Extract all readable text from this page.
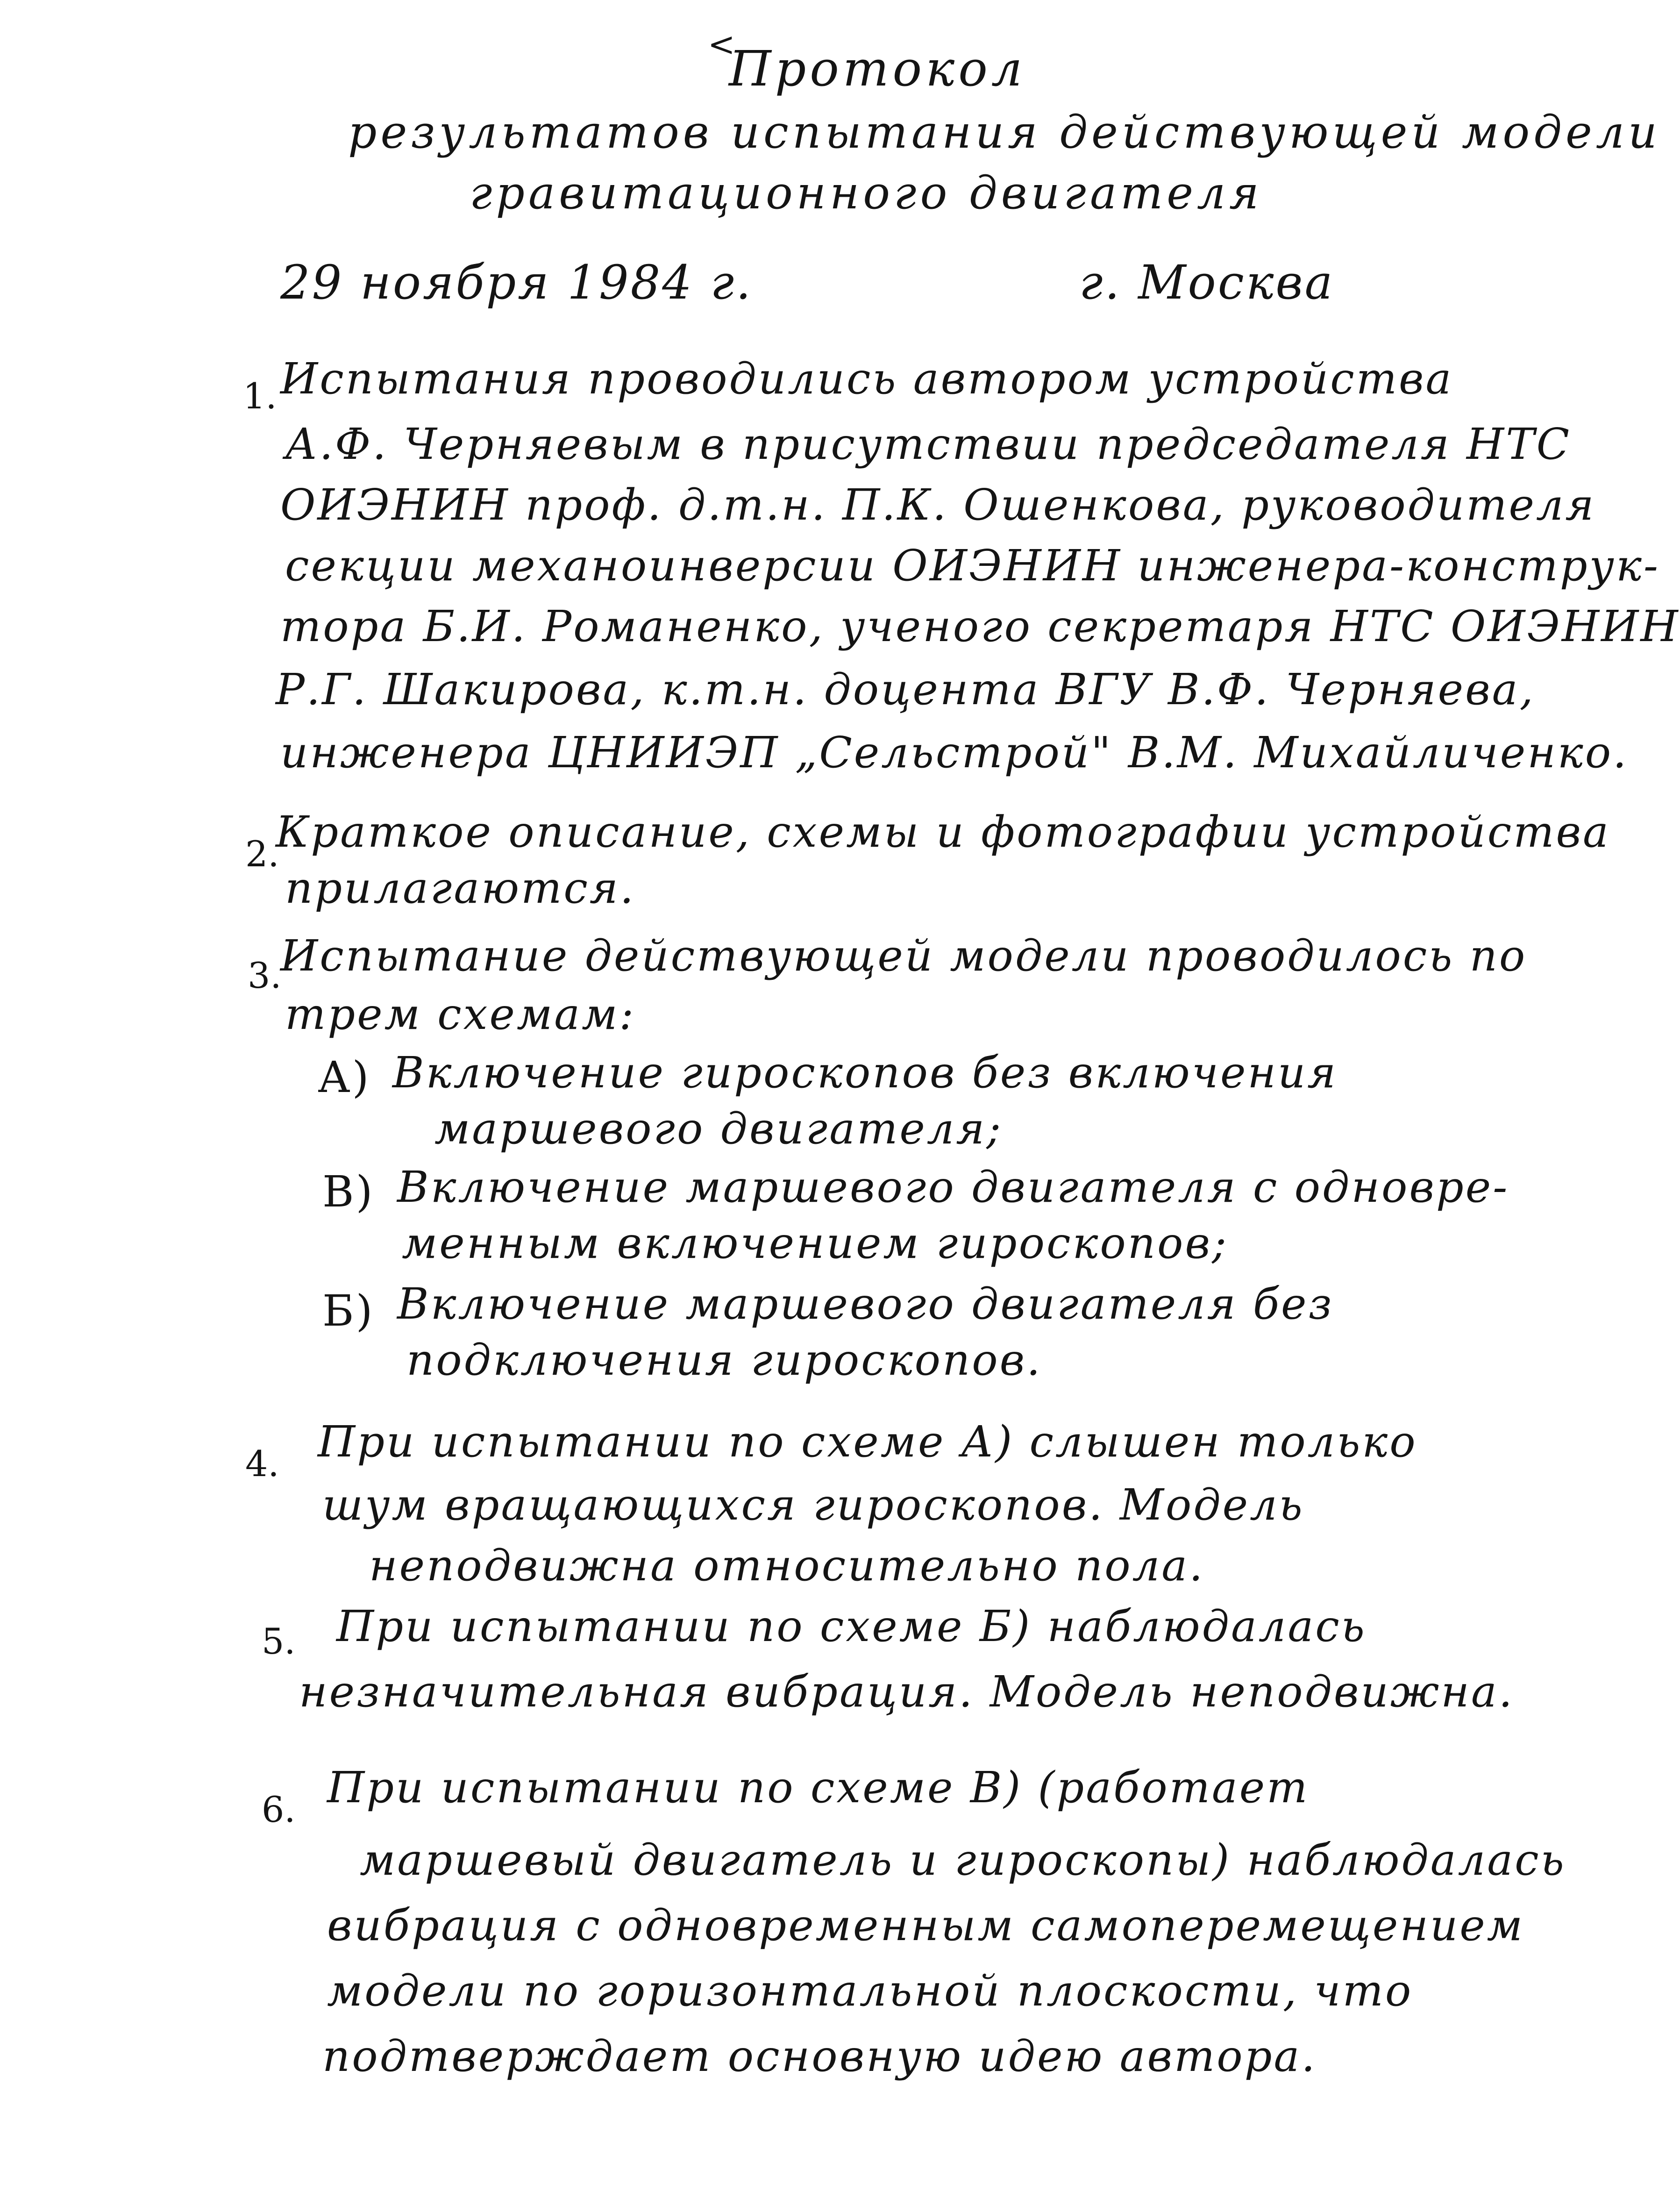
<
Протокол
результатов испытания действующей модели
гравитационного двигателя
29 ноября 1984 г.	г. Москва
1. Испытания проводились автором устройства
А.Ф. Черняевым в присутствии председателя НТС
ОИЭНИН проф. д.т.н. П.К. Ошенкова, руководителя
секции механоинверсии ОИЭНИН инженера-конструк-
тора Б.И. Романенко, ученого секретаря НТС ОИЭНИН
Р.Г. Шакирова, к.т.н. доцента ВГУ В.Ф. Черняева,
инженера ЦНИИЭП „Сельстрой" В.М. Михайличенко.
2.
Краткое описание, схемы и фотографии устройства
прилагаются.
3.
Испытание действующей модели проводилось по
трем схемам:
А) Включение гироскопов без включения
маршевого двигателя;
В) Включение маршевого двигателя с одновре-
менным включением гироскопов;
Б) Включение маршевого двигателя без
подключения гироскопов.
4. При испытании по схеме А) слышен только
шум вращающихся гироскопов. Модель
неподвижна относительно пола.
5. При испытании по схеме Б) наблюдалась
незначительная вибрация. Модель неподвижна.
6. При испытании по схеме В) (работает
маршевый двигатель и гироскопы) наблюдалась
вибрация с одновременным самоперемещением
модели по горизонтальной плоскости, что
подтверждает основную идею автора.
